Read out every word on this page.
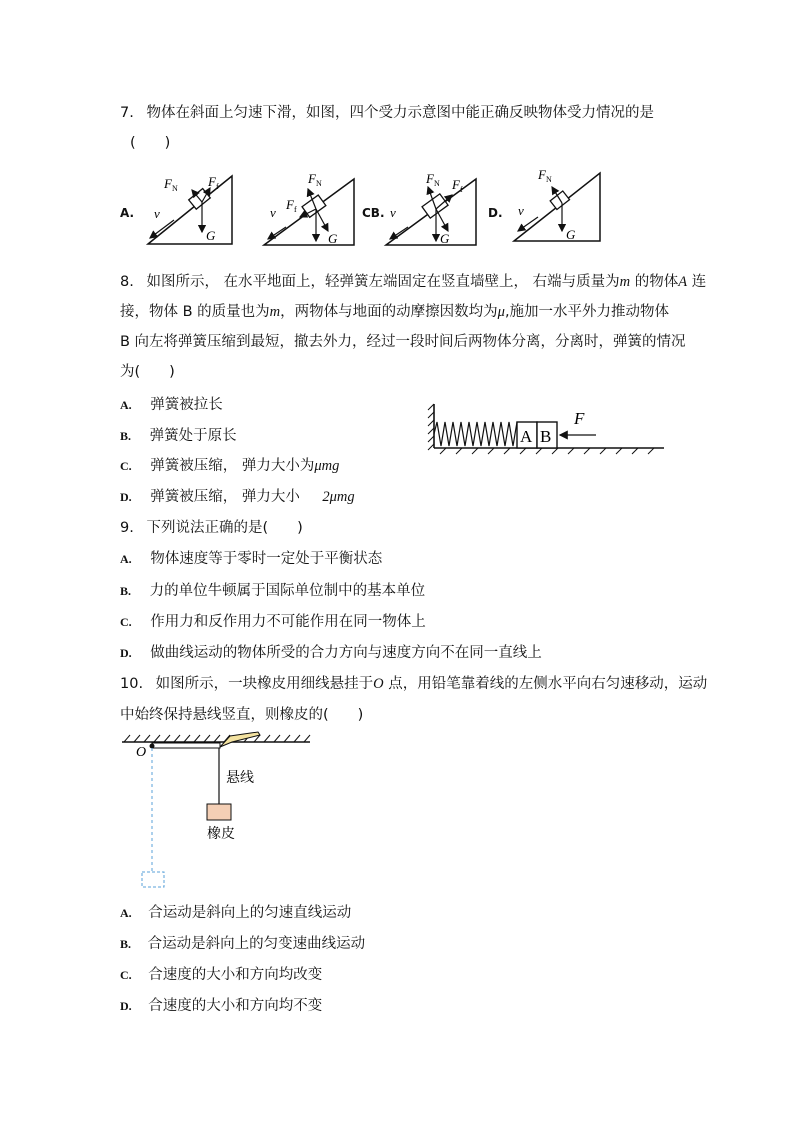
7. 物体在斜面上匀速下滑，如图，四个受力示意图中能正确反映物体受力情况的是
(　　)
A.	CB.	D.
$F_N$ $F_f$
v
G
$F_N$
$F_f$
v
G
$F_N$ $F_f$
v
G
$F_N$
v
G
8. 如图所示， 在水平地面上，轻弹簧左端固定在竖直墙壁上， 右端与质量为m 的物体A 连
接，物体 B 的质量也为m，两物体与地面的动摩擦因数均为μ,施加一水平外力推动物体
B 向左将弹簧压缩到最短，撤去外力，经过一段时间后两物体分离，分离时，弹簧的情况
为(　　)
A. 弹簧被拉长
B. 弹簧处于原长
C. 弹簧被压缩， 弹力大小为μmg
D. 弹簧被压缩， 弹力大小　2μmg
A B
F
9. 下列说法正确的是(　　)
A. 物体速度等于零时一定处于平衡状态
B. 力的单位牛顿属于国际单位制中的基本单位
C. 作用力和反作用力不可能作用在同一物体上
D. 做曲线运动的物体所受的合力方向与速度方向不在同一直线上
10. 如图所示，一块橡皮用细线悬挂于O 点，用铅笔靠着线的左侧水平向右匀速移动，运动
中始终保持悬线竖直，则橡皮的(　　)
O
悬线
橡皮
A. 合运动是斜向上的匀速直线运动
B. 合运动是斜向上的匀变速曲线运动
C. 合速度的大小和方向均改变
D. 合速度的大小和方向均不变
